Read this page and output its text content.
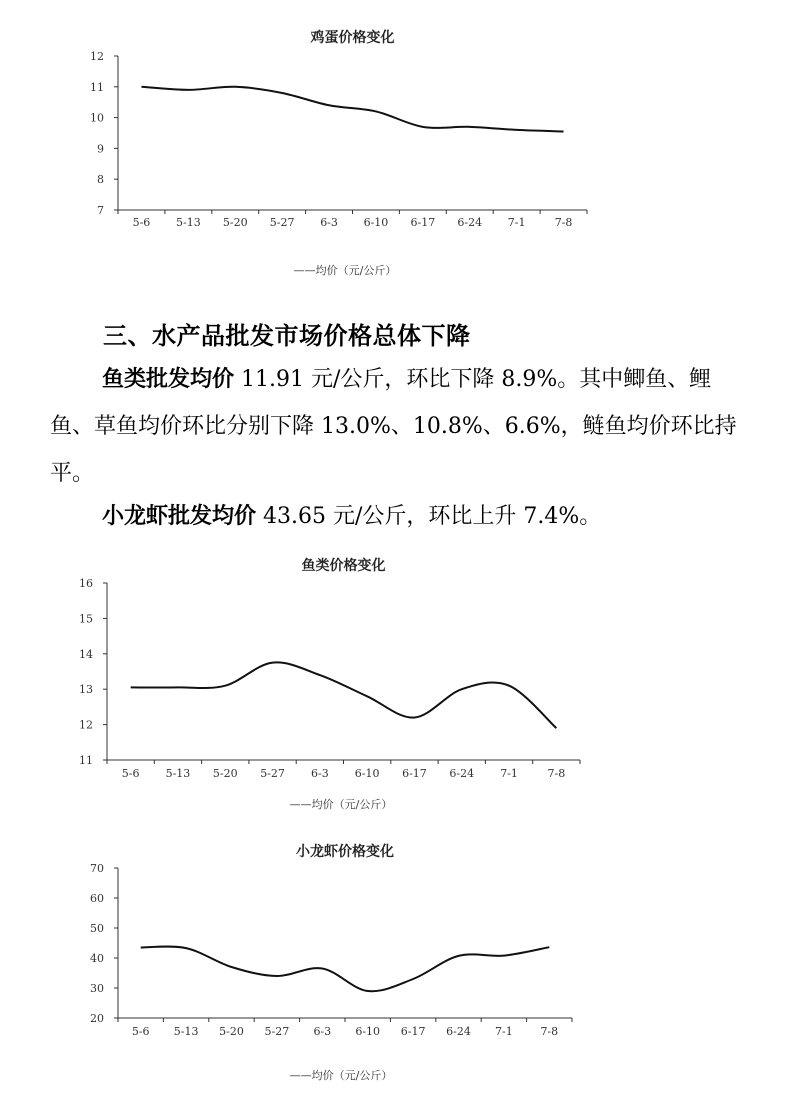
鸡蛋价格变化
7
8
9
10
11
12
5-6 5-13 5-20 5-27 6-3 6-10 6-17 6-24 7-1	7-8
——均价（元/公斤）
三、水产品批发市场价格总体下降
鱼类批发均价 11.91 元/公斤，环比下降 8.9%。其中鲫鱼、鲤鱼、草鱼均价环比分别下降 13.0%、10.8%、6.6%，鲢鱼均价环比持平。
小龙虾批发均价 43.65 元/公斤，环比上升 7.4%。
鱼类价格变化
11
12
13
14
15
16
5-6 5-13 5-20 5-27 6-3 6-10 6-17 6-24 7-1	7-8
——均价（元/公斤）
小龙虾价格变化
20
30
40
50
60
70
5-6 5-13 5-20 5-27 6-3 6-10 6-17 6-24 7-1	7-8
——均价（元/公斤）
